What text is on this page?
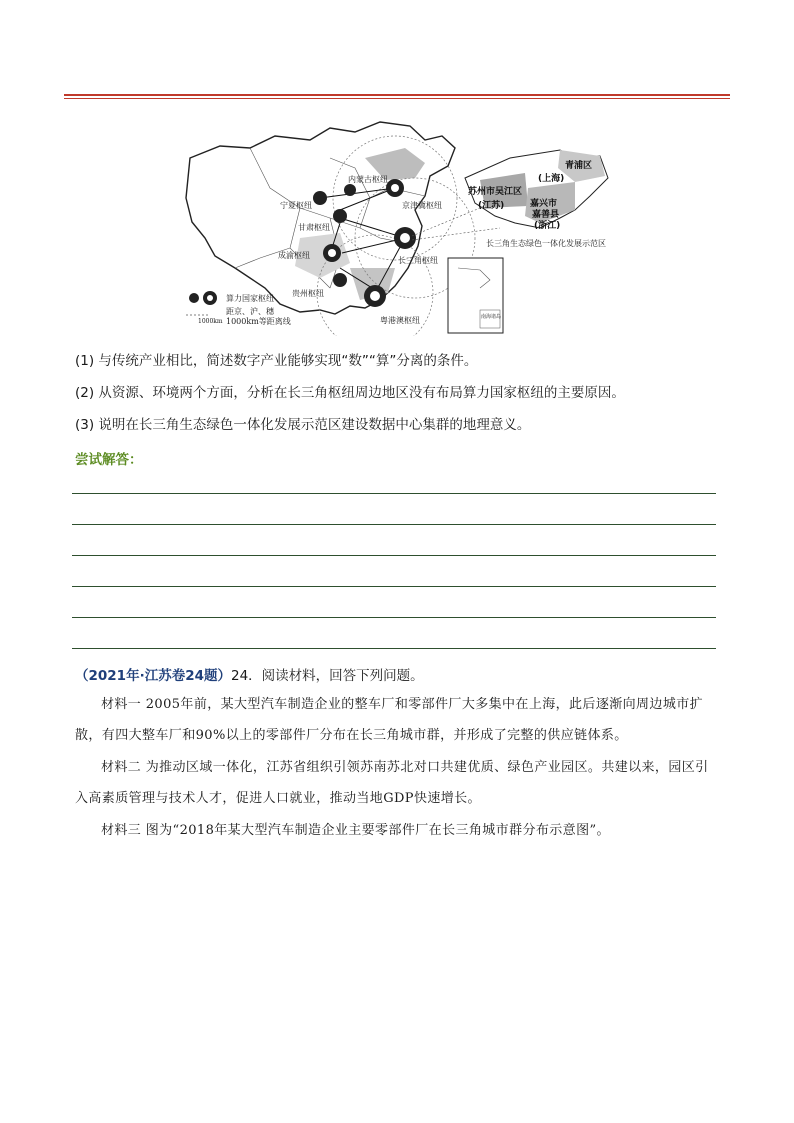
内蒙古枢纽
宁夏枢纽	京津冀枢纽
甘肃枢纽
成渝枢纽
长三角枢纽
贵州枢纽
粤港澳枢纽
青浦区
(上海)
苏州市吴江区
(江苏)	嘉兴市
嘉善县
(浙江)
长三角生态绿色一体化发展示范区
南海诸岛
算力国家枢纽
距京、沪、穗
1000km等距离线
1000km
(1) 与传统产业相比，简述数字产业能够实现“数”“算”分离的条件。
(2) 从资源、环境两个方面，分析在长三角枢纽周边地区没有布局算力国家枢纽的主要原因。
(3) 说明在长三角生态绿色一体化发展示范区建设数据中心集群的地理意义。
尝试解答：
（2021年·江苏卷24题）24．阅读材料，回答下列问题。
材料一 2005年前，某大型汽车制造企业的整车厂和零部件厂大多集中在上海，此后逐渐向周边城市扩散，有四大整车厂和90%以上的零部件厂分布在长三角城市群，并形成了完整的供应链体系。
材料二 为推动区域一体化，江苏省组织引领苏南苏北对口共建优质、绿色产业园区。共建以来，园区引入高素质管理与技术人才，促进人口就业，推动当地GDP快速增长。
材料三 图为“2018年某大型汽车制造企业主要零部件厂在长三角城市群分布示意图”。
